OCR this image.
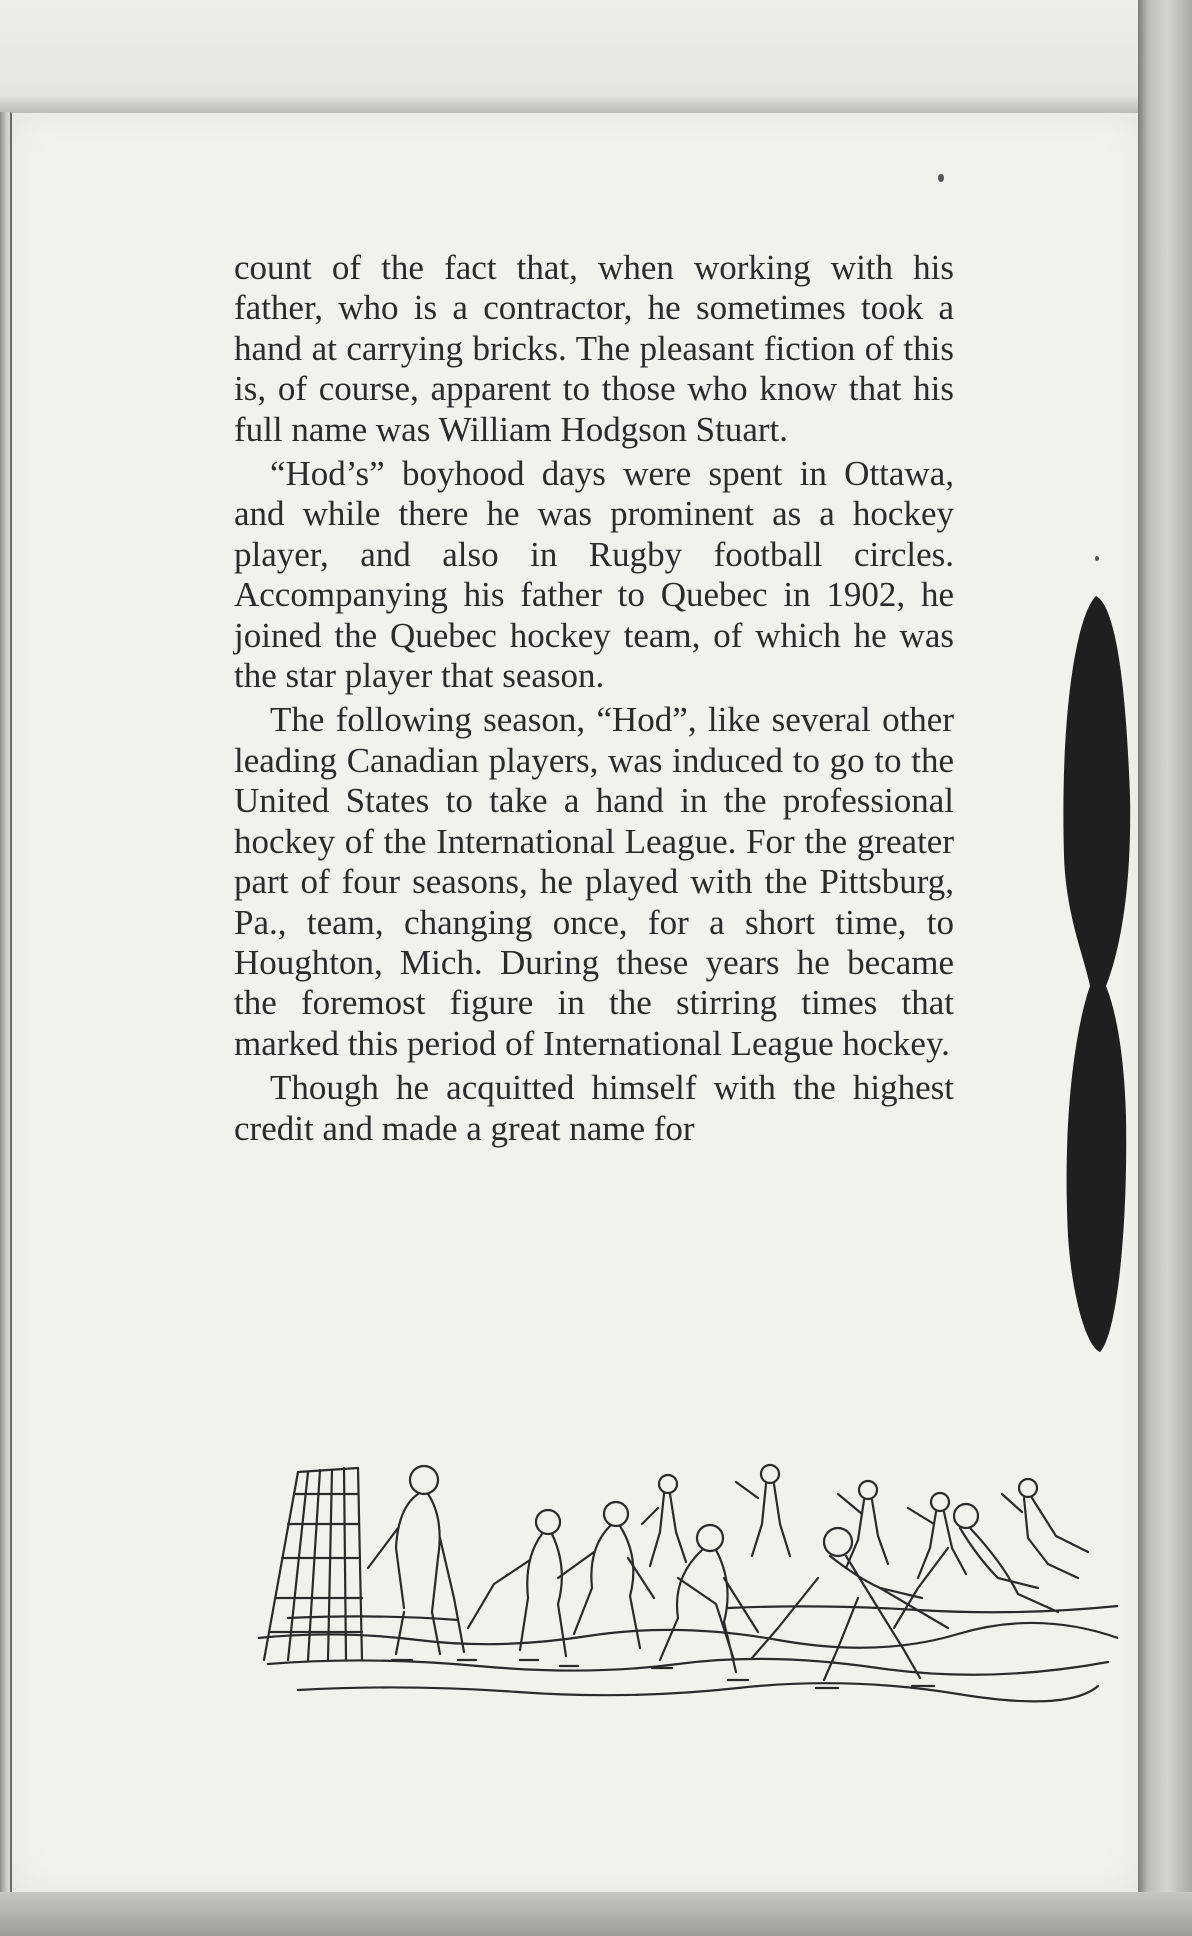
count of the fact that, when working with his father, who is a contractor, he sometimes took a hand at carrying bricks. The pleasant fiction of this is, of course, apparent to those who know that his full name was William Hodgson Stuart.

“Hod’s” boyhood days were spent in Ottawa, and while there he was prominent as a hockey player, and also in Rugby football circles. Accompanying his father to Quebec in 1902, he joined the Quebec hockey team, of which he was the star player that season.

The following season, “Hod”, like several other leading Canadian players, was induced to go to the United States to take a hand in the professional hockey of the International League. For the greater part of four seasons, he played with the Pittsburg, Pa., team, changing once, for a short time, to Houghton, Mich. During these years he became the foremost figure in the stirring times that marked this period of International League hockey.

Though he acquitted himself with the highest credit and made a great name for
